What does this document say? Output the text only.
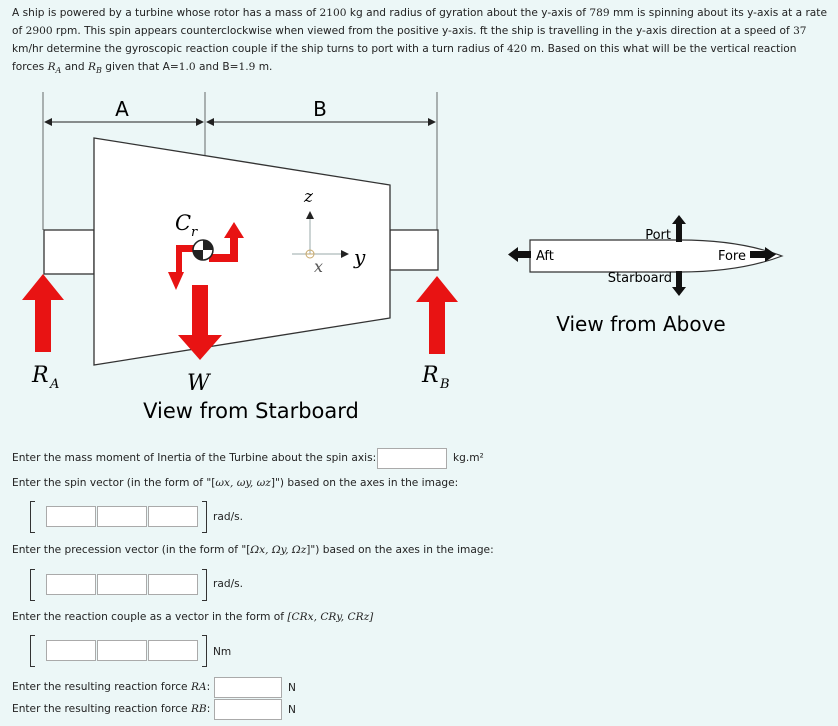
A ship is powered by a turbine whose rotor has a mass of 2100 kg and radius of gyration about the y-axis of 789 mm is spinning about its y-axis at a rate of 2900 rpm. This spin appears counterclockwise when viewed from the positive y-axis. ft the ship is travelling in the y-axis direction at a speed of 37 km/hr determine the gyroscopic reaction couple if the ship turns to port with a turn radius of 420 m. Based on this what will be the vertical reaction forces $R_A$ and $R_B$ given that A=1.0 and B=1.9 m.
A	B
C r
z
x y
R A	R B
W
View from Starboard
Port
Aft	Fore
Starboard
View from Above
Enter the mass moment of Inertia of the Turbine about the spin axis:	kg.m²
Enter the spin vector (in the form of "[ωx, ωy, ωz]") based on the axes in the image:
rad/s.
Enter the precession vector (in the form of "[Ωx, Ωy, Ωz]") based on the axes in the image:
rad/s.
Enter the reaction couple as a vector in the form of [CRx, CRy, CRz]
Nm
Enter the resulting reaction force RA:	N
Enter the resulting reaction force RB:	N
